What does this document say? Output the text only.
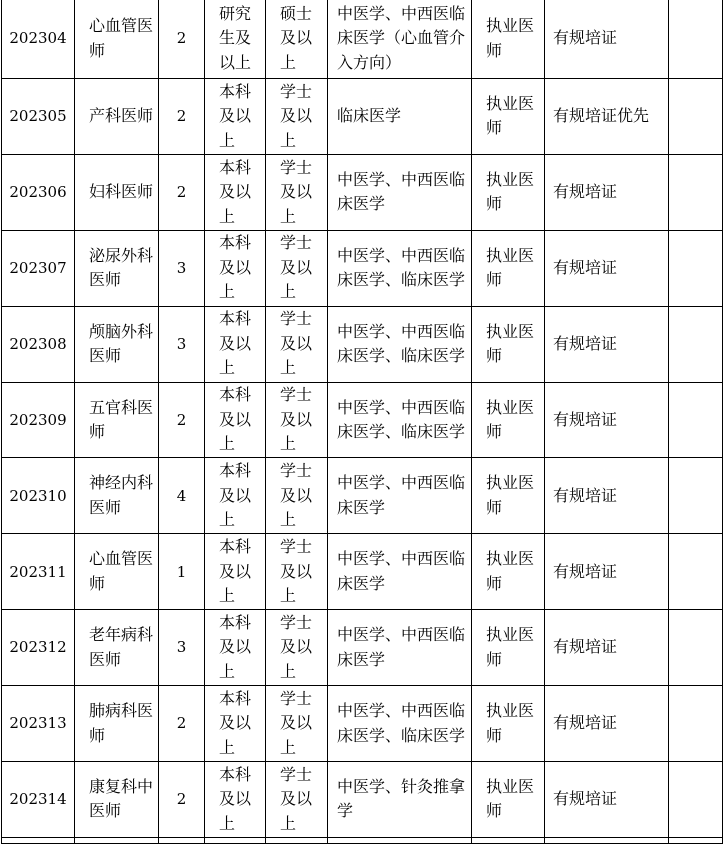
202304	心血管医师	2	研究生及以上	硕士及以上	中医学、中西医临床医学（心血管介入方向）	执业医师	有规培证	
202305	产科医师	2	本科及以上	学士及以上	临床医学	执业医师	有规培证优先	
202306	妇科医师	2	本科及以上	学士及以上	中医学、中西医临床医学	执业医师	有规培证	
202307	泌尿外科医师	3	本科及以上	学士及以上	中医学、中西医临床医学、临床医学	执业医师	有规培证	
202308	颅脑外科医师	3	本科及以上	学士及以上	中医学、中西医临床医学、临床医学	执业医师	有规培证	
202309	五官科医师	2	本科及以上	学士及以上	中医学、中西医临床医学、临床医学	执业医师	有规培证	
202310	神经内科医师	4	本科及以上	学士及以上	中医学、中西医临床医学	执业医师	有规培证	
202311	心血管医师	1	本科及以上	学士及以上	中医学、中西医临床医学	执业医师	有规培证	
202312	老年病科医师	3	本科及以上	学士及以上	中医学、中西医临床医学	执业医师	有规培证	
202313	肺病科医师	2	本科及以上	学士及以上	中医学、中西医临床医学、临床医学	执业医师	有规培证	
202314	康复科中医师	2	本科及以上	学士及以上	中医学、针灸推拿学	执业医师	有规培证	
